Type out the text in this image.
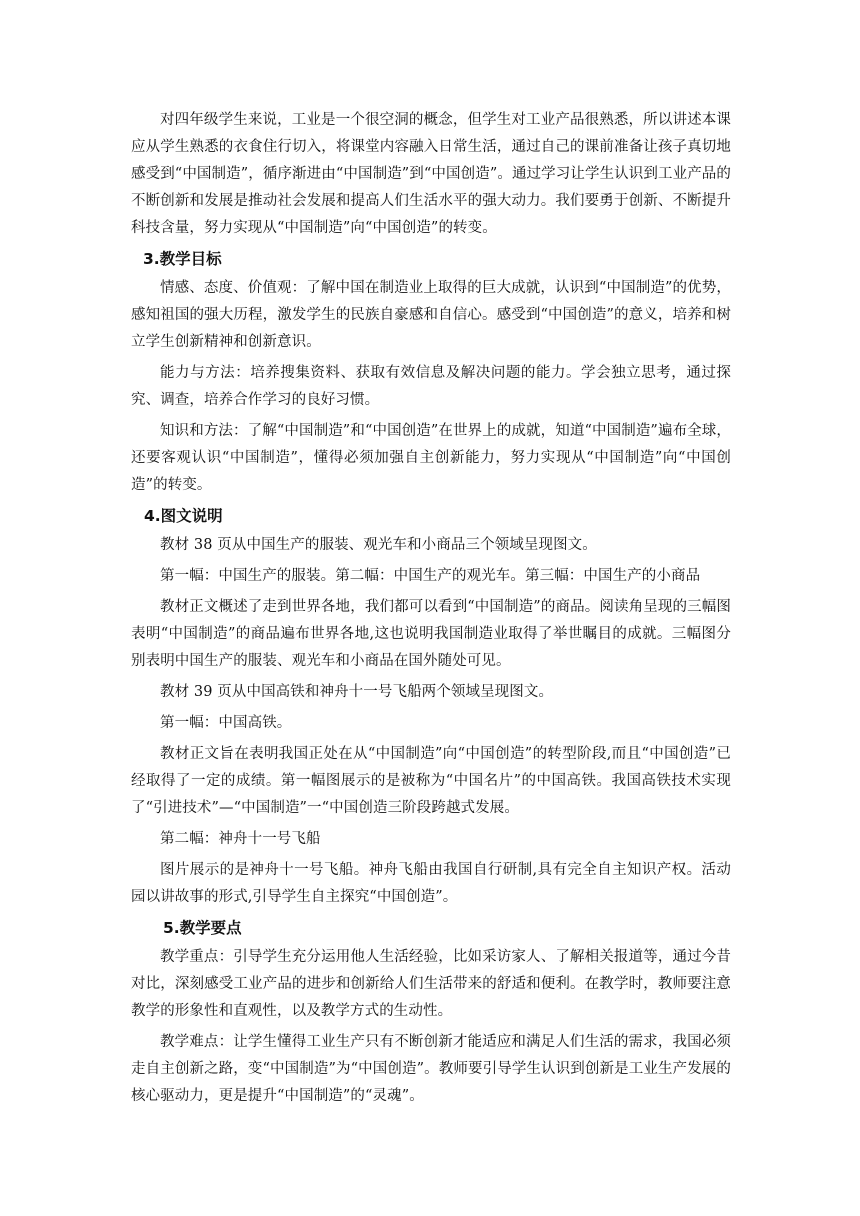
对四年级学生来说，工业是一个很空洞的概念，但学生对工业产品很熟悉，所以讲述本课应从学生熟悉的衣食住行切入，将课堂内容融入日常生活，通过自己的课前准备让孩子真切地感受到“中国制造”，循序渐进由“中国制造”到“中国创造”。通过学习让学生认识到工业产品的不断创新和发展是推动社会发展和提高人们生活水平的强大动力。我们要勇于创新、不断提升科技含量，努力实现从“中国制造”向“中国创造”的转变。

3.教学目标

情感、态度、价值观：了解中国在制造业上取得的巨大成就，认识到“中国制造”的优势， 感知祖国的强大历程，激发学生的民族自豪感和自信心。感受到“中国创造”的意义，培养和树立学生创新精神和创新意识。

能力与方法：培养搜集资料、获取有效信息及解决问题的能力。学会独立思考，通过探究、调查，培养合作学习的良好习惯。

知识和方法：了解“中国制造”和“中国创造”在世界上的成就，知道“中国制造”遍布全球，还要客观认识“中国制造”，懂得必须加强自主创新能力，努力实现从“中国制造”向“中国创造”的转变。

4.图文说明

教材 38 页从中国生产的服装、观光车和小商品三个领域呈现图文。

第一幅：中国生产的服装。第二幅：中国生产的观光车。第三幅：中国生产的小商品

教材正文概述了走到世界各地，我们都可以看到“中国制造”的商品。阅读角呈现的三幅图表明“中国制造”的商品遍布世界各地,这也说明我国制造业取得了举世瞩目的成就。三幅图分别表明中国生产的服装、观光车和小商品在国外随处可见。

教材 39 页从中国高铁和神舟十一号飞船两个领域呈现图文。

第一幅：中国高铁。

教材正文旨在表明我国正处在从“中国制造”向“中国创造”的转型阶段,而且“中国创造”已经取得了一定的成绩。第一幅图展示的是被称为“中国名片”的中国高铁。我国高铁技术实现了“引进技术”—“中国制造”一“中国创造三阶段跨越式发展。

第二幅：神舟十一号飞船

图片展示的是神舟十一号飞船。神舟飞船由我国自行研制,具有完全自主知识产权。活动园以讲故事的形式,引导学生自主探究“中国创造”。

5.教学要点

教学重点：引导学生充分运用他人生活经验，比如采访家人、了解相关报道等，通过今昔对比，深刻感受工业产品的进步和创新给人们生活带来的舒适和便利。在教学时，教师要注意教学的形象性和直观性，以及教学方式的生动性。

教学难点：让学生懂得工业生产只有不断创新才能适应和满足人们生活的需求，我国必须走自主创新之路，变“中国制造”为“中国创造”。教师要引导学生认识到创新是工业生产发展的核心驱动力，更是提升“中国制造”的“灵魂”。
